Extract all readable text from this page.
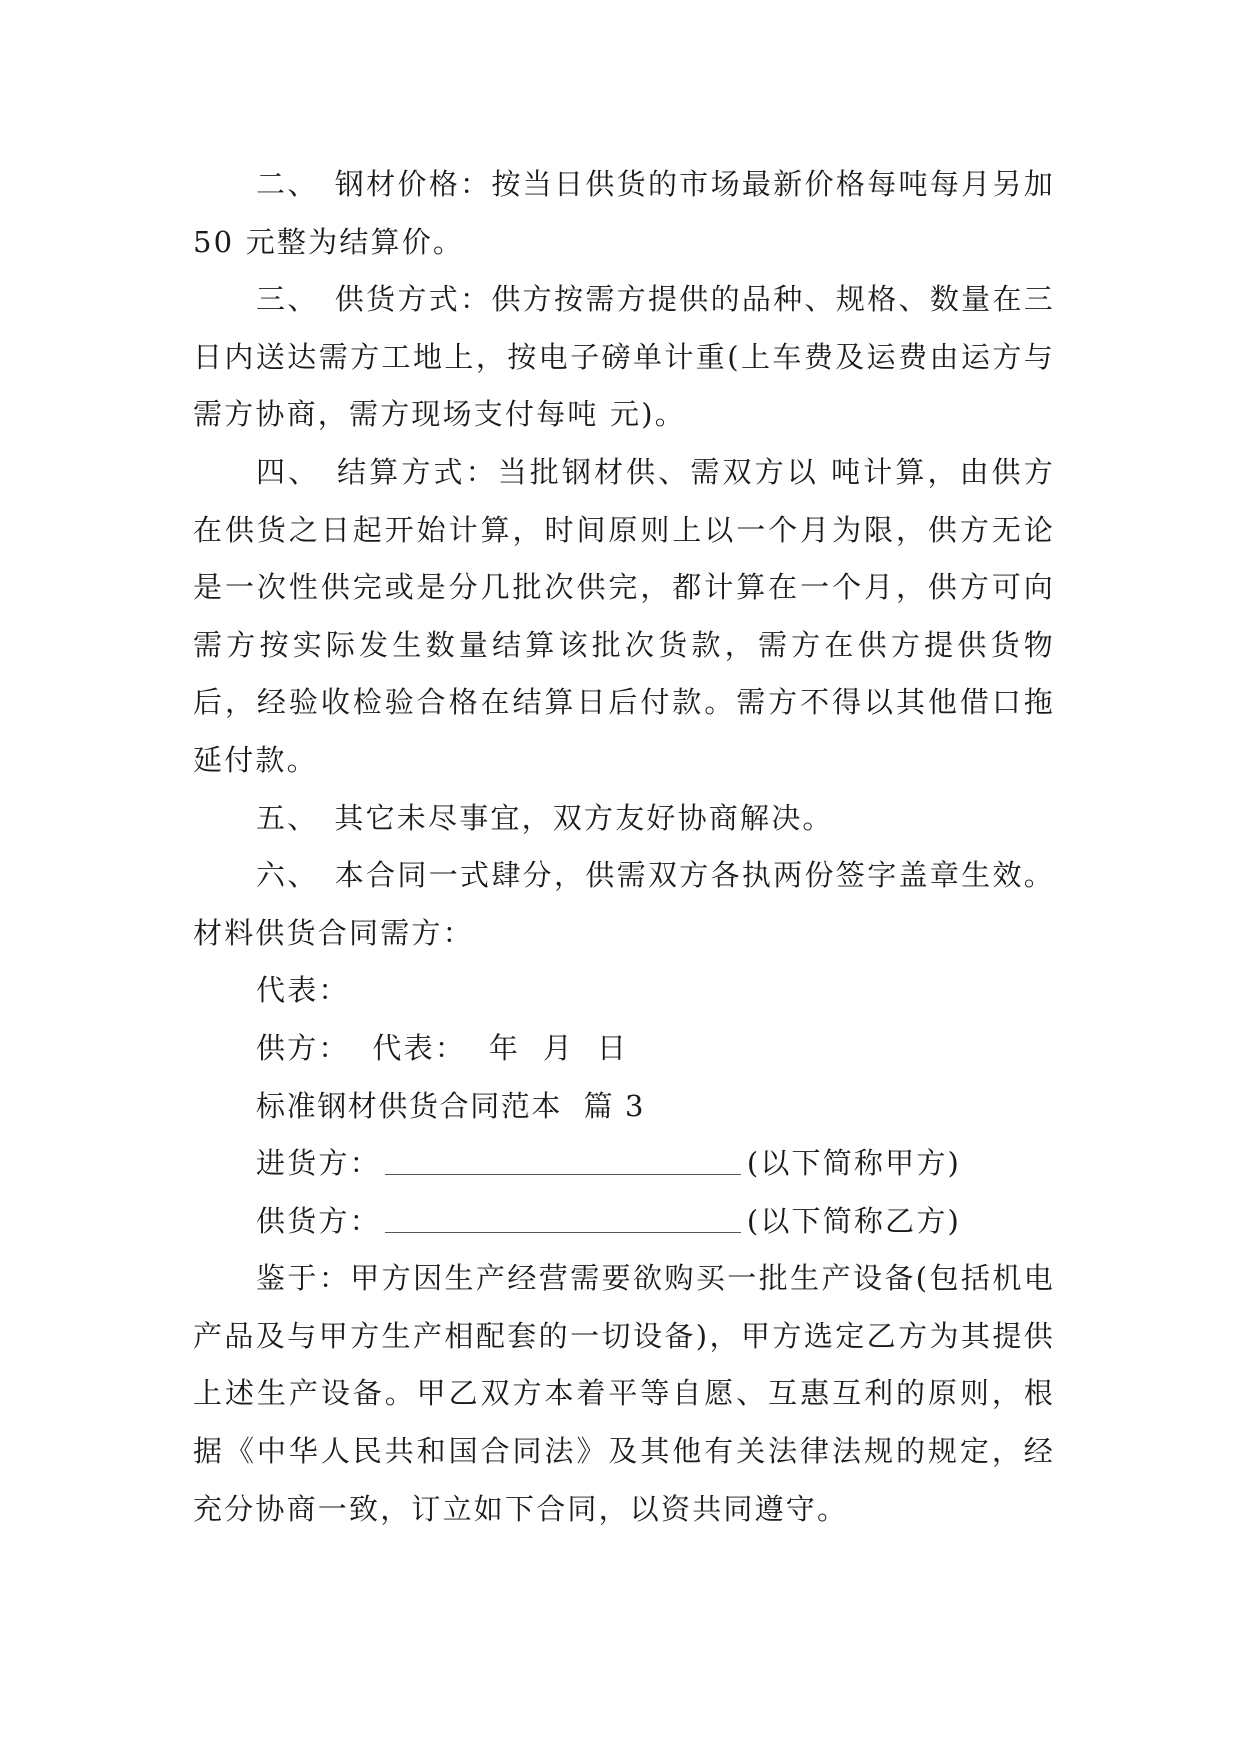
二、 钢材价格：按当日供货的市场最新价格每吨每月另加 50 元整为结算价。

三、 供货方式：供方按需方提供的品种、规格、数量在三日内送达需方工地上，按电子磅单计重(上车费及运费由运方与需方协商，需方现场支付每吨 元)。

四、 结算方式：当批钢材供、需双方以 吨计算，由供方在供货之日起开始计算，时间原则上以一个月为限，供方无论是一次性供完或是分几批次供完，都计算在一个月，供方可向需方按实际发生数量结算该批次货款，需方在供方提供货物后，经验收检验合格在结算日后付款。需方不得以其他借口拖延付款。

五、 其它未尽事宜，双方友好协商解决。

六、 本合同一式肆分，供需双方各执两份签字盖章生效。材料供货合同需方：

代表：

供方：  代表：  年  月  日

标准钢材供货合同范本  篇 3

进货方：	(以下简称甲方)

供货方：	(以下简称乙方)

鉴于：甲方因生产经营需要欲购买一批生产设备(包括机电产品及与甲方生产相配套的一切设备)，甲方选定乙方为其提供上述生产设备。甲乙双方本着平等自愿、互惠互利的原则，根据《中华人民共和国合同法》及其他有关法律法规的规定，经充分协商一致，订立如下合同，以资共同遵守。
